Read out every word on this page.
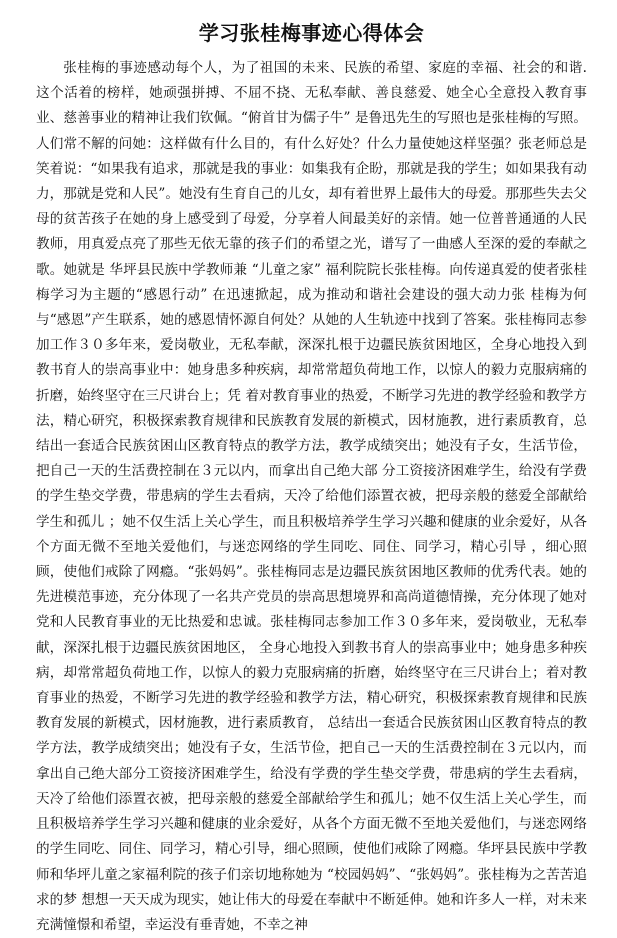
学习张桂梅事迹心得体会

张桂梅的事迹感动每个人，为了祖国的未来、民族的希望、家庭的幸福、社会的和谐. 这个活着的榜样，她顽强拼搏、不屈不挠、无私奉献、善良慈爱、她全心全意投入教育事业、慈善事业的精神让我们钦佩。“俯首甘为儒子牛” 是鲁迅先生的写照也是张桂梅的写照。人们常不解的问她：这样做有什么目的，有什么好处？什么力量使她这样坚强？张老师总是笑着说：“如果我有追求，那就是我的事业：如集我有企盼，那就是我的学生；如如果我有动力，那就是党和人民”。她没有生育自己的儿女，却有着世界上最伟大的母爱。那那些失去父母的贫苦孩子在她的身上感受到了母爱，分享着人间最美好的亲情。她一位普普通通的人民教师，用真爱点亮了那些无依无靠的孩子们的希望之光，谱写了一曲感人至深的爱的奉献之歌。她就是 华坪县民族中学教师兼 “儿童之家” 福利院院长张桂梅。向传递真爱的使者张桂梅学习为主题的“感恩行动” 在迅速掀起，成为推动和谐社会建设的强大动力张 桂梅为何与“感恩”产生联系，她的感恩情怀源自何处？从她的人生轨迹中找到了答案。张桂梅同志参加工作３０多年来，爱岗敬业，无私奉献，深深扎根于边疆民族贫困地区，全身心地投入到教书育人的崇高事业中：她身患多种疾病，却常常超负荷地工作，以惊人的毅力克服病痛的折磨，始终坚守在三尺讲台上；凭 着对教育事业的热爱，不断学习先进的教学经验和教学方法，精心研究，积极探索教育规律和民族教育发展的新模式，因材施教，进行素质教育，总结出一套适合民族贫困山区教育特点的教学方法，教学成绩突出；她没有子女，生活节俭，把自己一天的生活费控制在３元以内，而拿出自己绝大部 分工资接济困难学生，给没有学费的学生垫交学费，带患病的学生去看病，天冷了给他们添置衣被，把母亲般的慈爱全部献给学生和孤儿 ；她不仅生活上关心学生，而且积极培养学生学习兴趣和健康的业余爱好，从各个方面无微不至地关爱他们，与迷恋网络的学生同吃、同住、同学习，精心引导 ，细心照顾，使他们戒除了网瘾。“张妈妈”。张桂梅同志是边疆民族贫困地区教师的优秀代表。她的先进模范事迹，充分体现了一名共产党员的崇高思想境界和高尚道德情操，充分体现了她对党和人民教育事业的无比热爱和忠诚。张桂梅同志参加工作３０多年来，爱岗敬业，无私奉献，深深扎根于边疆民族贫困地区， 全身心地投入到教书育人的崇高事业中；她身患多种疾病，却常常超负荷地工作，以惊人的毅力克服病痛的折磨，始终坚守在三尺讲台上；着对教育事业的热爱，不断学习先进的教学经验和教学方法，精心研究，积极探索教育规律和民族教育发展的新模式，因材施教，进行素质教育， 总结出一套适合民族贫困山区教育特点的教学方法，教学成绩突出；她没有子女，生活节俭，把自己一天的生活费控制在３元以内，而拿出自己绝大部分工资接济困难学生，给没有学费的学生垫交学费，带患病的学生去看病，天冷了给他们添置衣被，把母亲般的慈爱全部献给学生和孤儿；她不仅生活上关心学生，而且积极培养学生学习兴趣和健康的业余爱好，从各个方面无微不至地关爱他们，与迷恋网络的学生同吃、同住、同学习，精心引导，细心照顾，使他们戒除了网瘾。华坪县民族中学教师和华坪儿童之家福利院的孩子们亲切地称她为 “校园妈妈”、“张妈妈”。张桂梅为之苦苦追求的梦 想想一天天成为现实，她让伟大的母爱在奉献中不断延伸。她和许多人一样，对未来充满憧憬和希望，幸运没有垂青她，不幸之神
